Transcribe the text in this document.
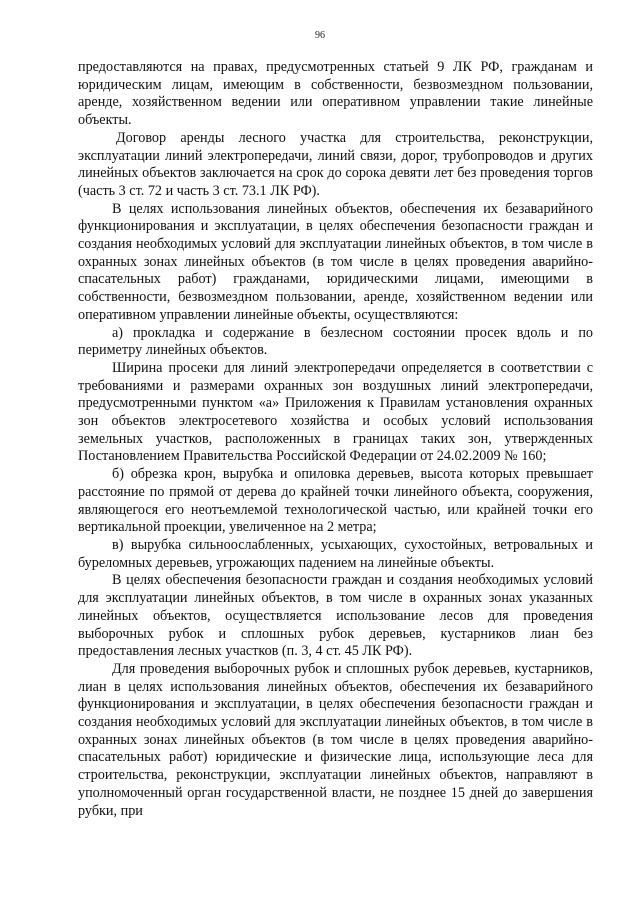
96

предоставляются на правах, предусмотренных статьей 9 ЛК РФ, гражданам и юридическим лицам, имеющим в собственности, безвозмездном пользовании, аренде, хозяйственном ведении или оперативном управлении такие линейные объекты.

Договор аренды лесного участка для строительства, реконструкции, эксплуатации линий электропередачи, линий связи, дорог, трубопроводов и других линейных объектов заключается на срок до сорока девяти лет без проведения торгов (часть 3 ст. 72 и часть 3 ст. 73.1 ЛК РФ).

В целях использования линейных объектов, обеспечения их безаварийного функционирования и эксплуатации, в целях обеспечения безопасности граждан и создания необходимых условий для эксплуатации линейных объектов, в том числе в охранных зонах линейных объектов (в том числе в целях проведения аварийно-спасательных работ) гражданами, юридическими лицами, имеющими в собственности, безвозмездном пользовании, аренде, хозяйственном ведении или оперативном управлении линейные объекты, осуществляются:

а) прокладка и содержание в безлесном состоянии просек вдоль и по периметру линейных объектов.

Ширина просеки для линий электропередачи определяется в соответствии с требованиями и размерами охранных зон воздушных линий электропередачи, предусмотренными пунктом «а» Приложения к Правилам установления охранных зон объектов электросетевого хозяйства и особых условий использования земельных участков, расположенных в границах таких зон, утвержденных Постановлением Правительства Российской Федерации от 24.02.2009 № 160;

б) обрезка крон, вырубка и опиловка деревьев, высота которых превышает расстояние по прямой от дерева до крайней точки линейного объекта, сооружения, являющегося его неотъемлемой технологической частью, или крайней точки его вертикальной проекции, увеличенное на 2 метра;

в) вырубка сильноослабленных, усыхающих, сухостойных, ветровальных и буреломных деревьев, угрожающих падением на линейные объекты.

В целях обеспечения безопасности граждан и создания необходимых условий для эксплуатации линейных объектов, в том числе в охранных зонах указанных линейных объектов, осуществляется использование лесов для проведения выборочных рубок и сплошных рубок деревьев, кустарников лиан без предоставления лесных участков (п. 3, 4 ст. 45 ЛК РФ).

Для проведения выборочных рубок и сплошных рубок деревьев, кустарников, лиан в целях использования линейных объектов, обеспечения их безаварийного функционирования и эксплуатации, в целях обеспечения безопасности граждан и создания необходимых условий для эксплуатации линейных объектов, в том числе в охранных зонах линейных объектов (в том числе в целях проведения аварийно-спасательных работ) юридические и физические лица, использующие леса для строительства, реконструкции, эксплуатации линейных объектов, направляют в уполномоченный орган государственной власти, не позднее 15 дней до завершения рубки, при
